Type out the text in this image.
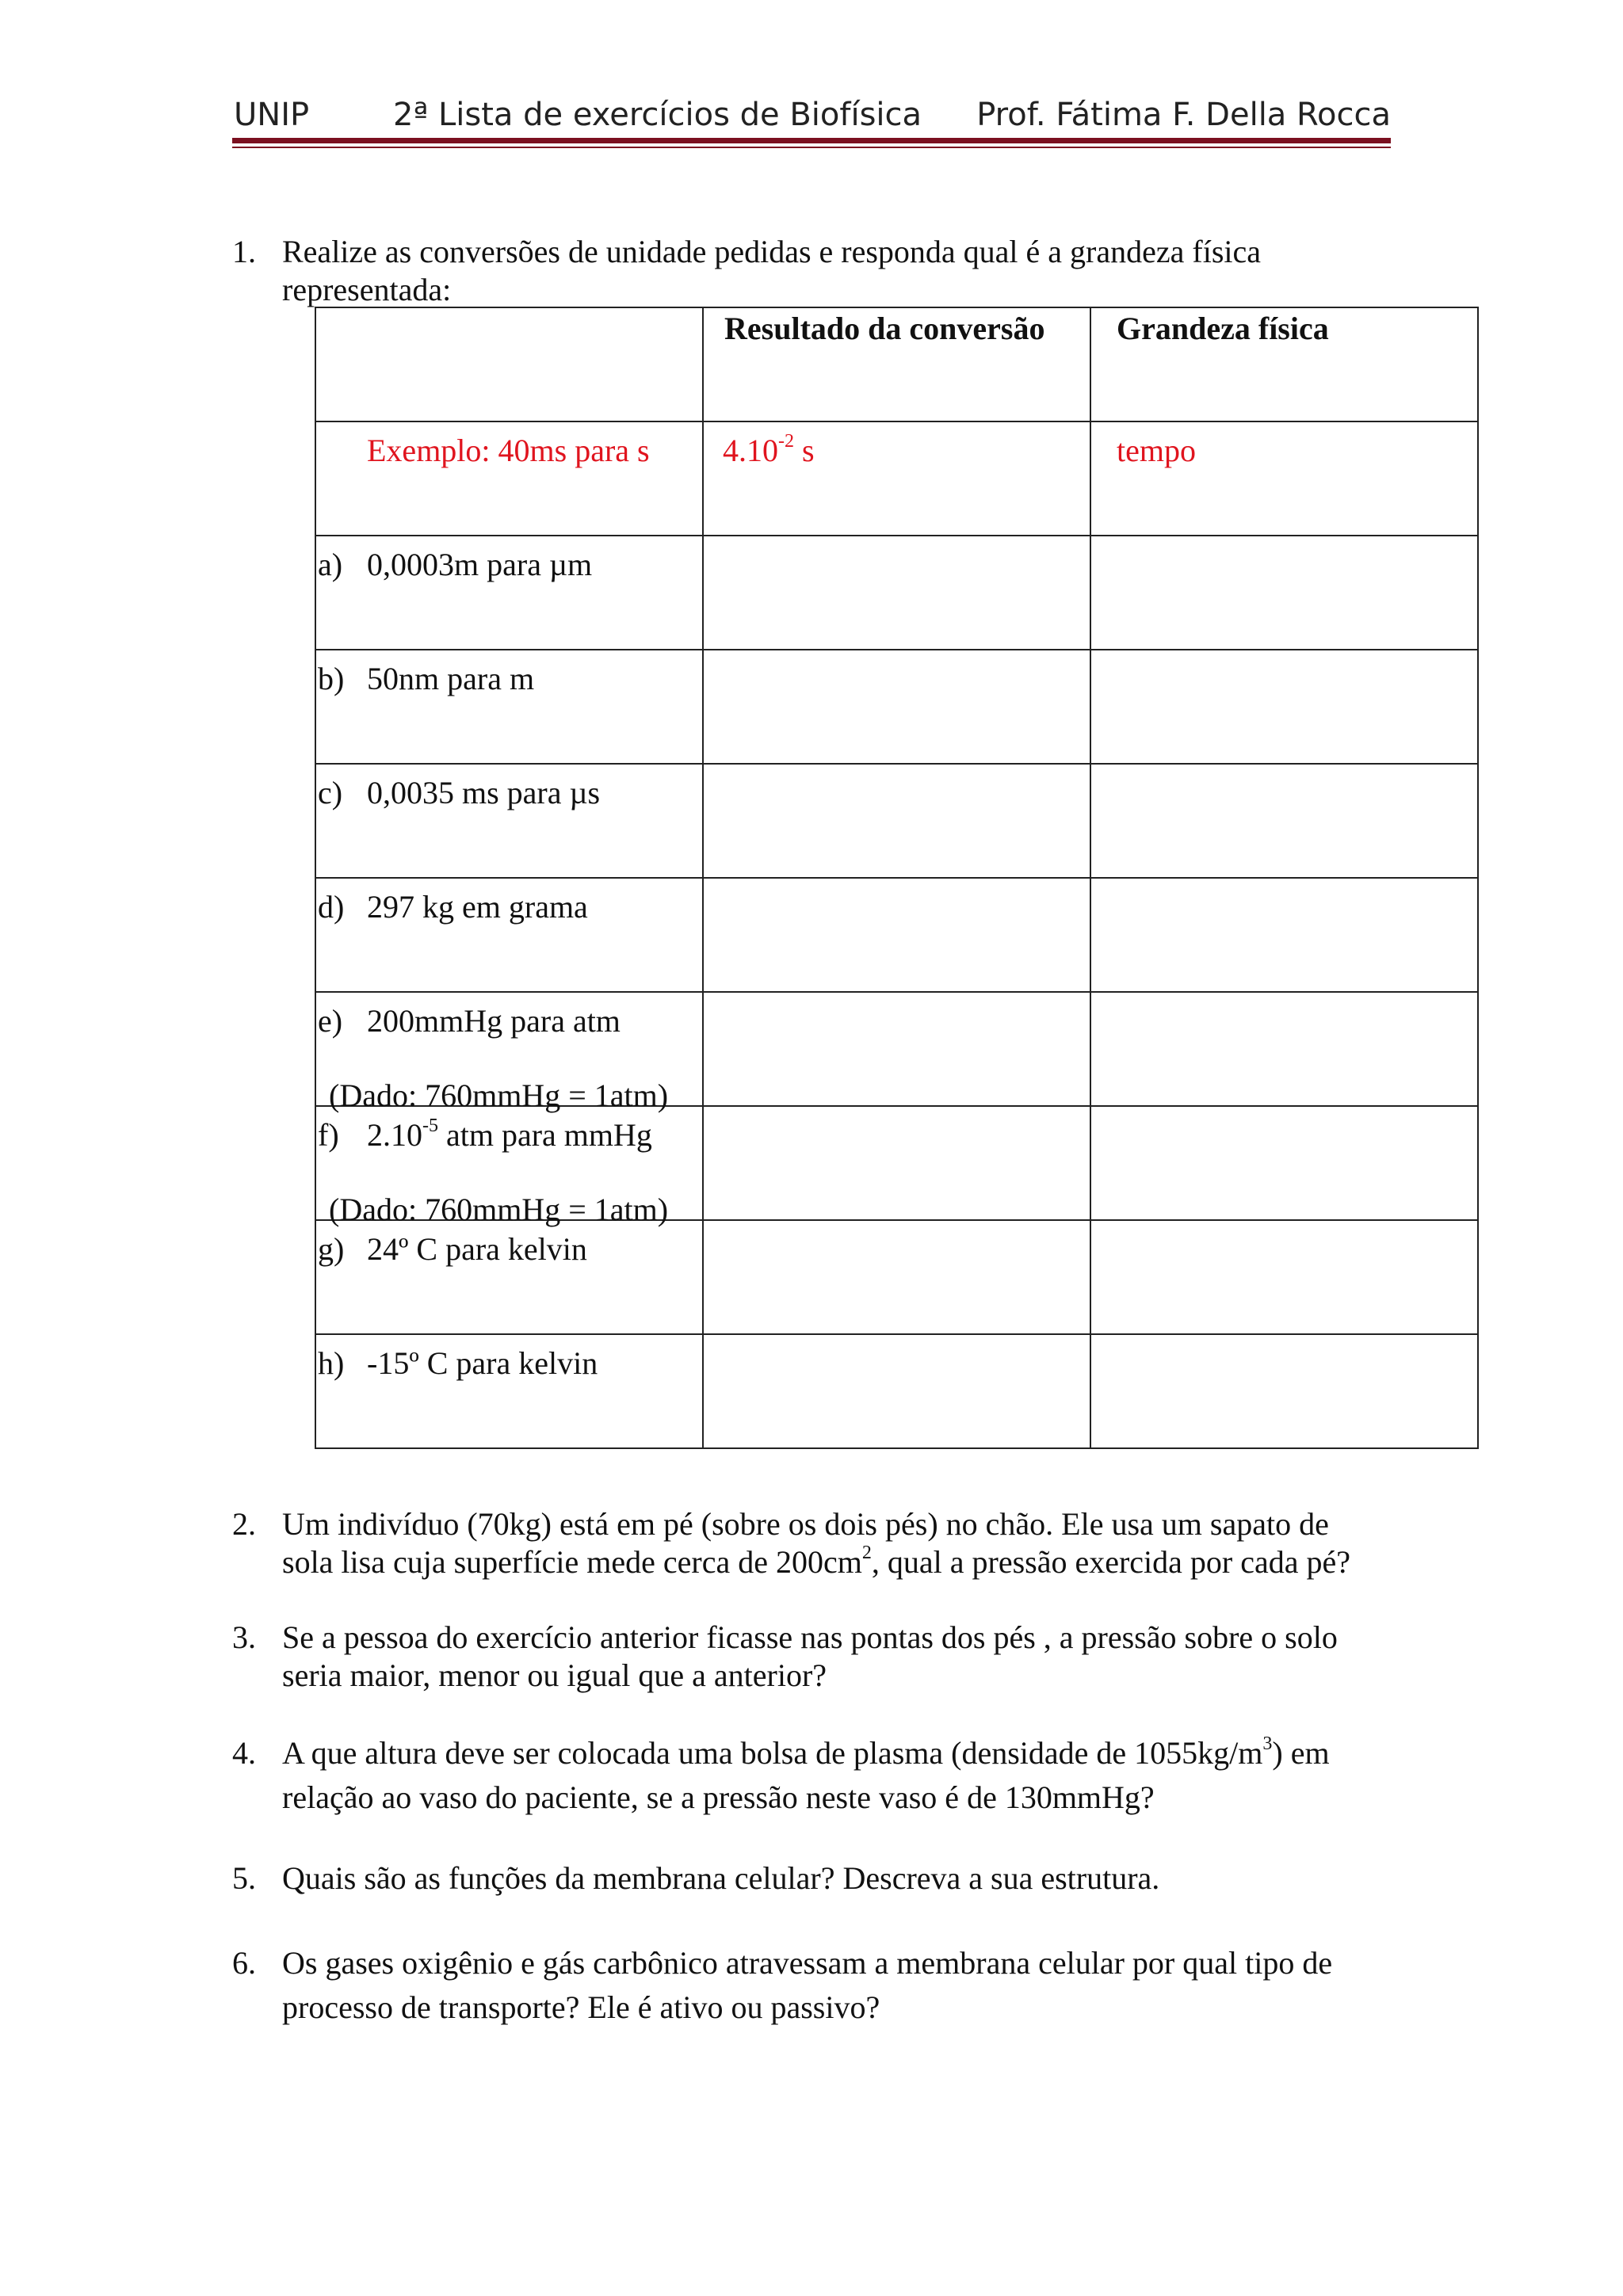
UNIP	2ª Lista de exercícios de Biofísica Prof. Fátima F. Della Rocca
1. Realize as conversões de unidade pedidas e responda qual é a grandeza física
representada:

	Resultado da conversão	Grandeza física

Exemplo: 40ms para s	$4.10^{-2}$ s	tempo

a) 0,0003m para µm		

b) 50nm para m		

c) 0,0035 ms para µs		

d) 297 kg em grama		

e) 200mmHg para atm
(Dado: 760mmHg = 1atm)		

f) $2.10^{-5}$ atm para mmHg
(Dado: 760mmHg = 1atm)		

g) 24º C para kelvin		

h) -15º C para kelvin		

2. Um indivíduo (70kg) está em pé (sobre os dois pés) no chão. Ele usa um sapato de
sola lisa cuja superfície mede cerca de $200cm^2$, qual a pressão exercida por cada pé?
3. Se a pessoa do exercício anterior ficasse nas pontas dos pés , a pressão sobre o solo
seria maior, menor ou igual que a anterior?
4. A que altura deve ser colocada uma bolsa de plasma (densidade de $1055kg/m^3$) em
relação ao vaso do paciente, se a pressão neste vaso é de 130mmHg?
5. Quais são as funções da membrana celular? Descreva a sua estrutura.
6. Os gases oxigênio e gás carbônico atravessam a membrana celular por qual tipo de
processo de transporte? Ele é ativo ou passivo?
